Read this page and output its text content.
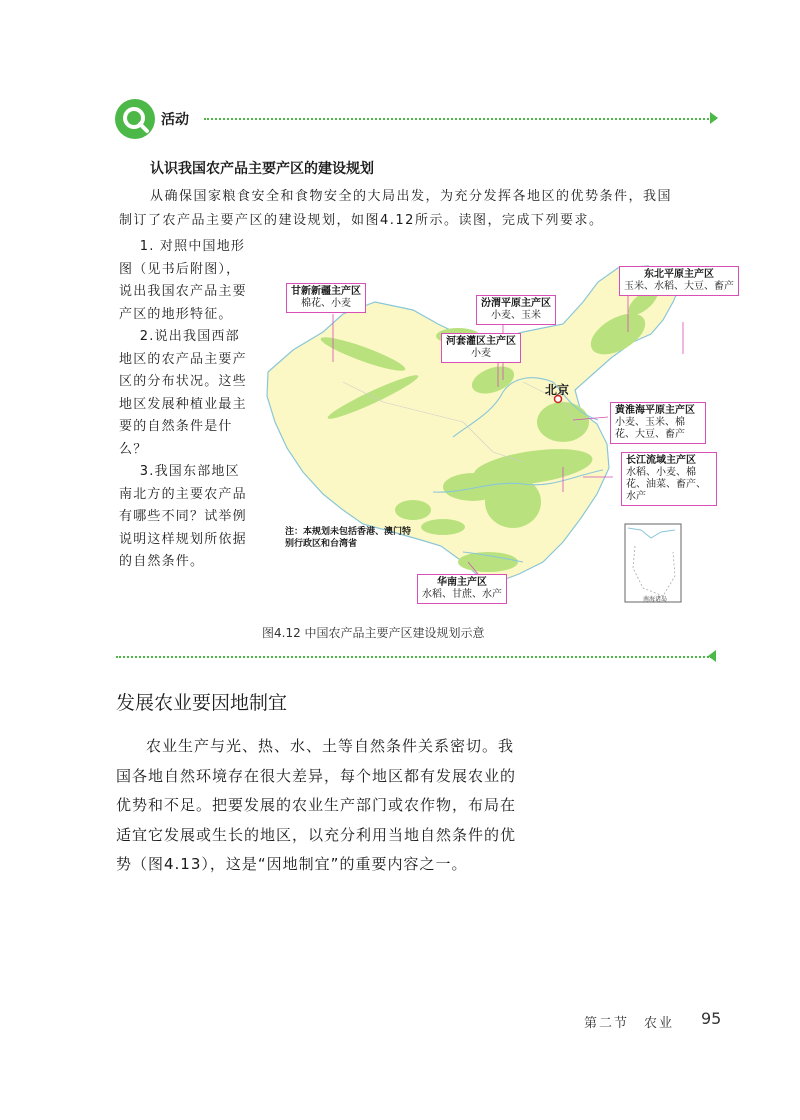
活动
认识我国农产品主要产区的建设规划
从确保国家粮食安全和食物安全的大局出发，为充分发挥各地区的优势条件，我国
制订了农产品主要产区的建设规划，如图4.12所示。读图，完成下列要求。

1. 对照中国地形图（见书后附图），说出我国农产品主要产区的地形特征。

2.说出我国西部地区的农产品主要产区的分布状况。这些地区发展种植业最主要的自然条件是什么？

3.我国东部地区南北方的主要农产品有哪些不同？试举例说明这样规划所依据的自然条件。

甘新新疆主产区
棉花、小麦	汾渭平原主产区
小麦、玉米
河套灌区主产区
小麦
东北平原主产区
玉米、水稻、大豆、畜产
黄淮海平原主产区
小麦、玉米、棉花、大豆、畜产
长江流域主产区
水稻、小麦、棉花、油菜、畜产、水产
华南主产区
水稻、甘蔗、水产
北京
注：本规划未包括香港、澳门特别行政区和台湾省
南海诸岛
图4.12 中国农产品主要产区建设规划示意
发展农业要因地制宜

农业生产与光、热、水、土等自然条件关系密切。我国各地自然环境存在很大差异，每个地区都有发展农业的优势和不足。把要发展的农业生产部门或农作物，布局在适宜它发展或生长的地区，以充分利用当地自然条件的优势（图4.13），这是“因地制宜”的重要内容之一。

第二节　农业 95
